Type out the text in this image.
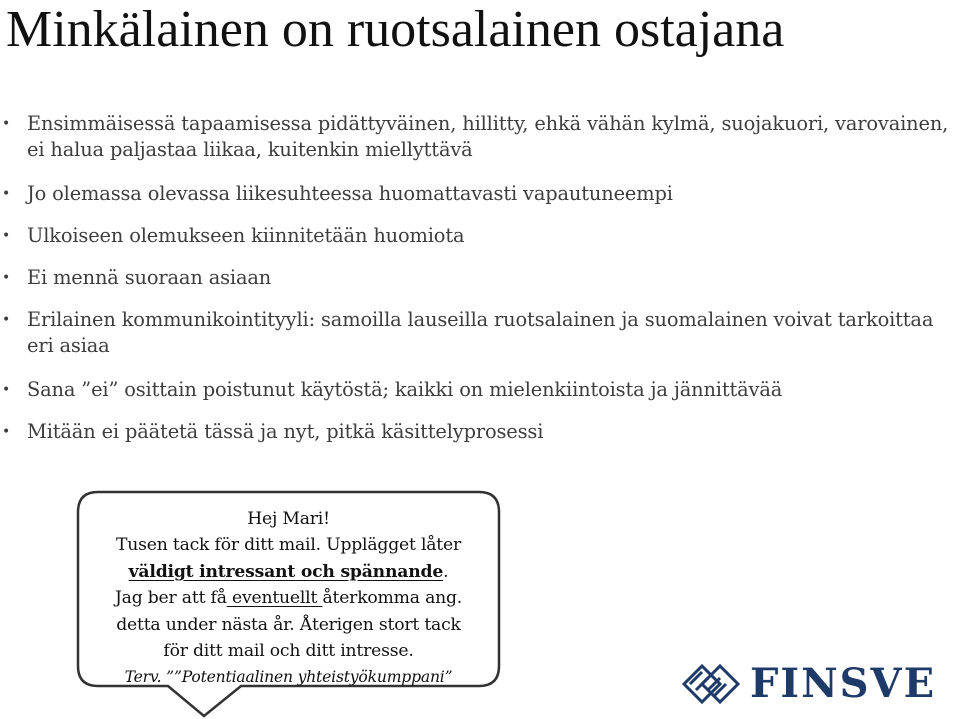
Minkälainen on ruotsalainen ostajana
• Ensimmäisessä tapaamisessa pidättyväinen, hillitty, ehkä vähän kylmä, suojakuori, varovainen, ei halua paljastaa liikaa, kuitenkin miellyttävä
• Jo olemassa olevassa liikesuhteessa huomattavasti vapautuneempi
• Ulkoiseen olemukseen kiinnitetään huomiota
• Ei mennä suoraan asiaan
• Erilainen kommunikointityyli: samoilla lauseilla ruotsalainen ja suomalainen voivat tarkoittaa eri asiaa
• Sana ”ei” osittain poistunut käytöstä; kaikki on mielenkiintoista ja jännittävää
• Mitään ei päätetä tässä ja nyt, pitkä käsittelyprosessi
Hej Mari!
Tusen tack för ditt mail. Upplägget låter
väldigt intressant och spännande.
Jag ber att få eventuellt återkomma ang.
detta under nästa år. Återigen stort tack
för ditt mail och ditt intresse.
Terv. ””Potentiaalinen yhteistyökumppani”	FINSVE
